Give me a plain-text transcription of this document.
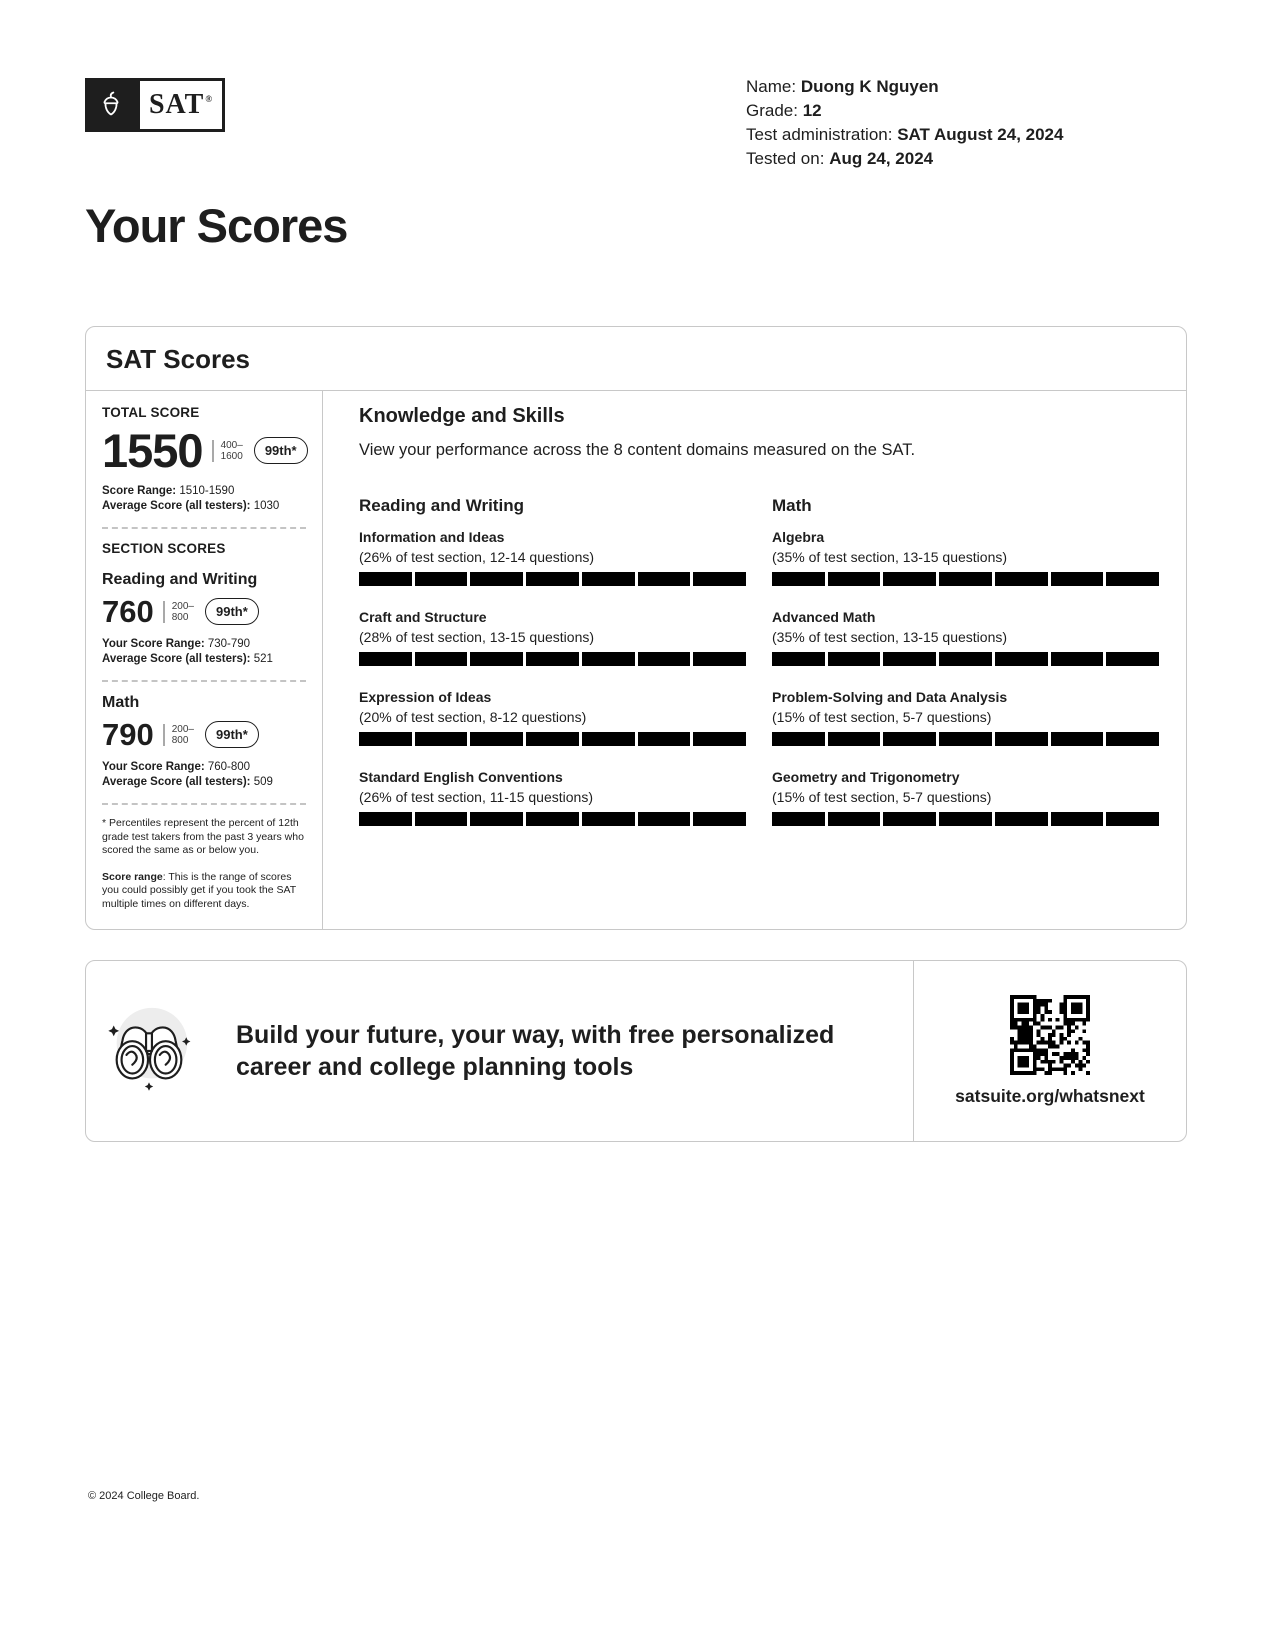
SAT®
Name: Duong K Nguyen
Grade: 12
Test administration: SAT August 24, 2024
Tested on: Aug 24, 2024
Your Scores
SAT Scores
TOTAL SCORE
1550	400–
1600	99th*
Score Range: 1510-1590
Average Score (all testers): 1030
SECTION SCORES
Reading and Writing
760	200–
800	99th*
Your Score Range: 730-790
Average Score (all testers): 521
Math
790	200–
800	99th*
Your Score Range: 760-800
Average Score (all testers): 509
* Percentiles represent the percent of 12th grade test takers from the past 3 years who scored the same as or below you.
Score range: This is the range of scores you could possibly get if you took the SAT multiple times on different days.
Knowledge and Skills
View your performance across the 8 content domains measured on the SAT.
Reading and Writing
Information and Ideas
(26% of test section, 12-14 questions)
Craft and Structure
(28% of test section, 13-15 questions)
Expression of Ideas
(20% of test section, 8-12 questions)
Standard English Conventions
(26% of test section, 11-15 questions)
Math
Algebra
(35% of test section, 13-15 questions)
Advanced Math
(35% of test section, 13-15 questions)
Problem-Solving and Data Analysis
(15% of test section, 5-7 questions)
Geometry and Trigonometry
(15% of test section, 5-7 questions)
Build your future, your way, with free personalized career and college planning tools
satsuite.org/whatsnext
© 2024 College Board.
